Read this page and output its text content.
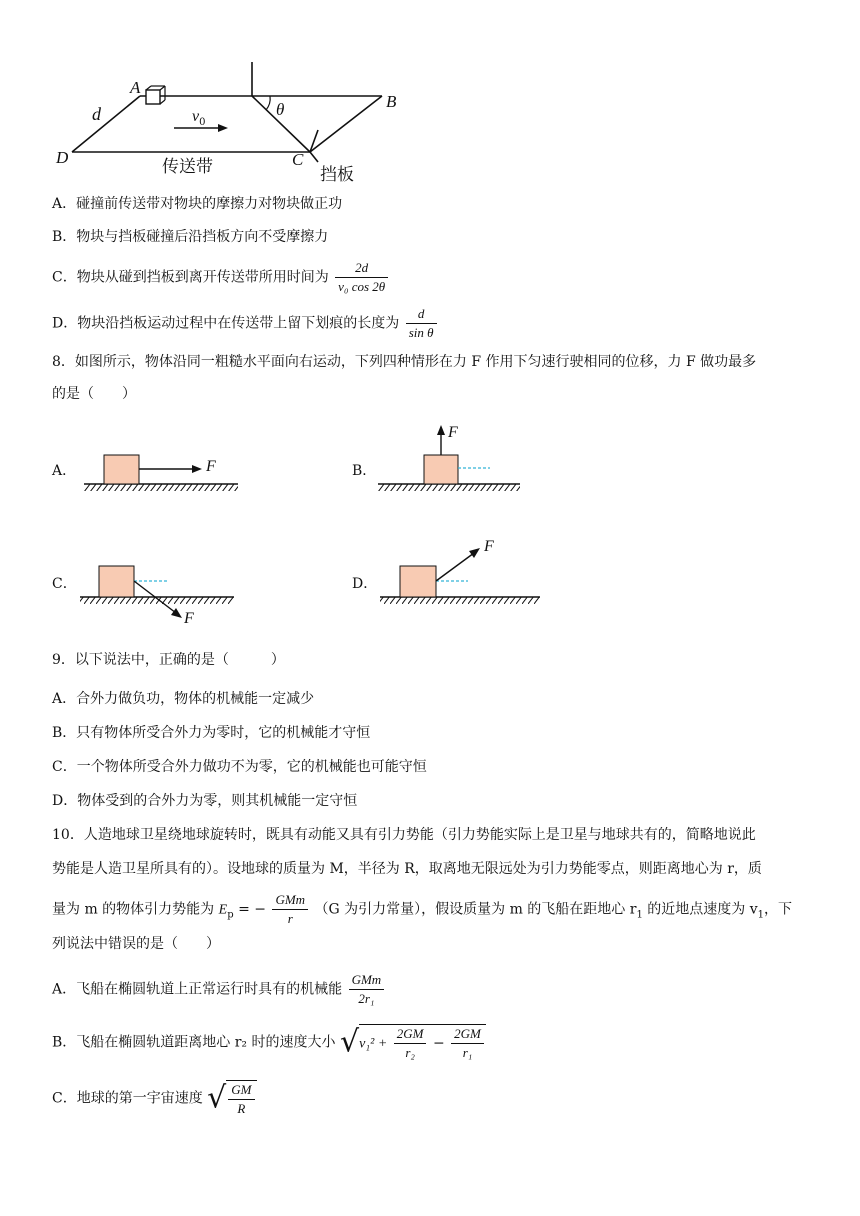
A
B
C
D
d	$v_0$
θ
传送带	挡板
A．碰撞前传送带对物块的摩擦力对物块做正功
B．物块与挡板碰撞后沿挡板方向不受摩擦力
C．物块从碰到挡板到离开传送带所用时间为 $\frac{2d}{\text{v₀ cos 2θ}}$
D．物块沿挡板运动过程中在传送带上留下划痕的长度为 $\frac{d}{\text{sin θ}}$
8．如图所示，物体沿同一粗糙水平面向右运动，下列四种情形在力 F 作用下匀速行驶相同的位移，力 F 做功最多
的是（　　）
A．	B．
C．	D．
F
F
F
F
9．以下说法中，正确的是（　　　）
A．合外力做负功，物体的机械能一定减少
B．只有物体所受合外力为零时，它的机械能才守恒
C．一个物体所受合外力做功不为零，它的机械能也可能守恒
D．物体受到的合外力为零，则其机械能一定守恒
10．人造地球卫星绕地球旋转时，既具有动能又具有引力势能（引力势能实际上是卫星与地球共有的，简略地说此
势能是人造卫星所具有的）。设地球的质量为 M，半径为 R，取离地无限远处为引力势能零点，则距离地心为 r，质
量为 m 的物体引力势能为 $E_p$ = − $\frac{\text{GMm}}{r} (G$ 为引力常量），假设质量为 m 的飞船在距地心 $r_1$ 的近地点速度为 $v_1$，下
列说法中错误的是（　　）
A．飞船在椭圆轨道上正常运行时具有的机械能 $\frac{\text{GMm}}{\text{2r₁}}$
B．飞船在椭圆轨道距离地心 r₂ 时的速度大小 $√v_1^2 + \frac{2GM}{\text{r₂}} - \frac{2GM}{\text{r₁}}$
C．地球的第一宇宙速度 √ $\frac{GM}{R}$
